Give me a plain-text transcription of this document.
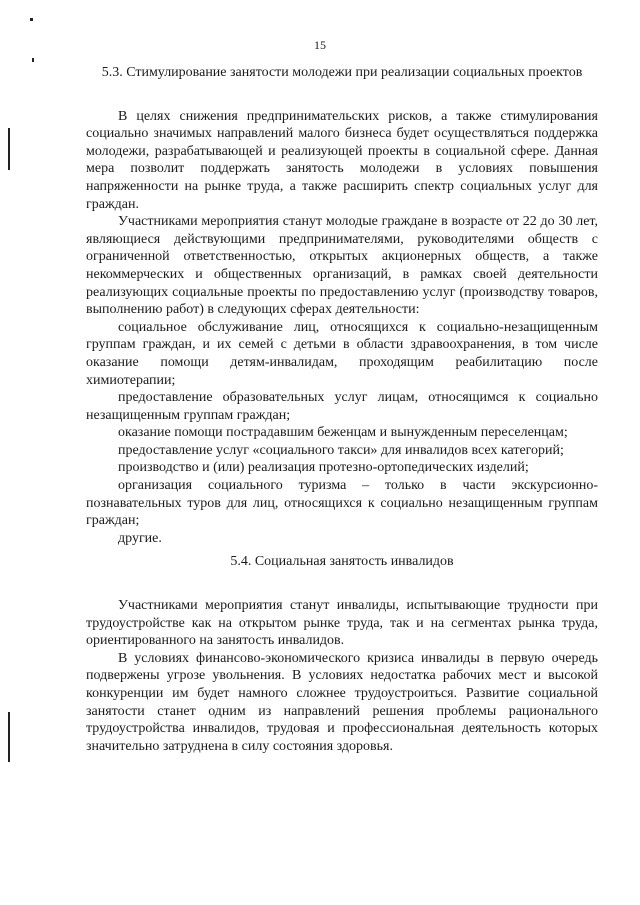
15

5.3. Стимулирование занятости молодежи при реализации социальных проектов

В целях снижения предпринимательских рисков, а также стимулирования социально значимых направлений малого бизнеса будет осуществляться поддержка молодежи, разрабатывающей и реализующей проекты в социальной сфере. Данная мера позволит поддержать занятость молодежи в условиях повышения напряженности на рынке труда, а также расширить спектр социальных услуг для граждан.

Участниками мероприятия станут молодые граждане в возрасте от 22 до 30 лет, являющиеся действующими предпринимателями, руководителями обществ с ограниченной ответственностью, открытых акционерных обществ, а также некоммерческих и общественных организаций, в рамках своей деятельности реализующих социальные проекты по предоставлению услуг (производству товаров, выполнению работ) в следующих сферах деятельности:

социальное обслуживание лиц, относящихся к социально-незащищенным группам граждан, и их семей с детьми в области здравоохранения, в том числе оказание помощи детям-инвалидам, проходящим реабилитацию после химиотерапии;

предоставление образовательных услуг лицам, относящимся к социально незащищенным группам граждан;

оказание помощи пострадавшим беженцам и вынужденным переселенцам;

предоставление услуг «социального такси» для инвалидов всех категорий;

производство и (или) реализация протезно-ортопедических изделий;

организация социального туризма – только в части экскурсионно-познавательных туров для лиц, относящихся к социально незащищенным группам граждан;

другие.

5.4. Социальная занятость инвалидов

Участниками мероприятия станут инвалиды, испытывающие трудности при трудоустройстве как на открытом рынке труда, так и на сегментах рынка труда, ориентированного на занятость инвалидов.

В условиях финансово-экономического кризиса инвалиды в первую очередь подвержены угрозе увольнения. В условиях недостатка рабочих мест и высокой конкуренции им будет намного сложнее трудоустроиться. Развитие социальной занятости станет одним из направлений решения проблемы рационального трудоустройства инвалидов, трудовая и профессиональная деятельность которых значительно затруднена в силу состояния здоровья.
